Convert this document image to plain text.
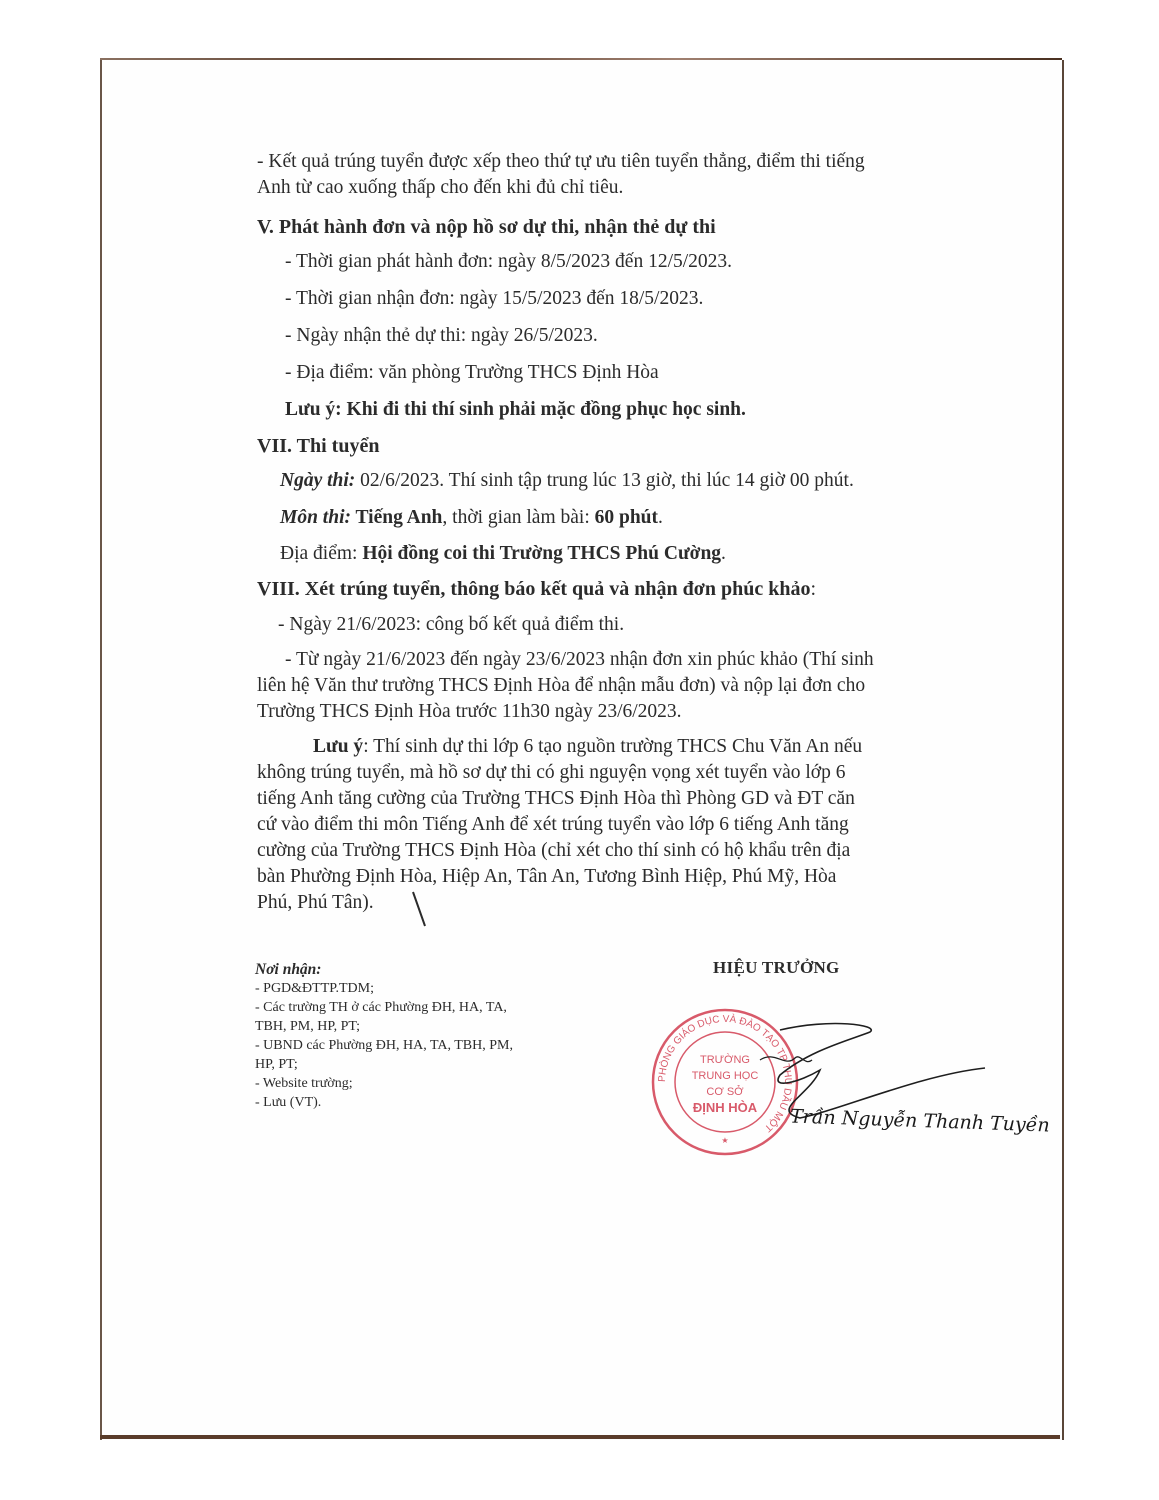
- Kết quả trúng tuyển được xếp theo thứ tự ưu tiên tuyển thẳng, điểm thi tiếng
Anh từ cao xuống thấp cho đến khi đủ chỉ tiêu.
V. Phát hành đơn và nộp hồ sơ dự thi, nhận thẻ dự thi
- Thời gian phát hành đơn: ngày 8/5/2023 đến 12/5/2023.
- Thời gian nhận đơn: ngày 15/5/2023 đến 18/5/2023.
- Ngày nhận thẻ dự thi: ngày 26/5/2023.
- Địa điểm: văn phòng Trường THCS Định Hòa
Lưu ý: Khi đi thi thí sinh phải mặc đồng phục học sinh.
VII. Thi tuyển
Ngày thi: 02/6/2023. Thí sinh tập trung lúc 13 giờ, thi lúc 14 giờ 00 phút.
Môn thi: Tiếng Anh, thời gian làm bài: 60 phút.
Địa điểm: Hội đồng coi thi Trường THCS Phú Cường.
VIII. Xét trúng tuyển, thông báo kết quả và nhận đơn phúc khảo:
- Ngày 21/6/2023: công bố kết quả điểm thi.
- Từ ngày 21/6/2023 đến ngày 23/6/2023 nhận đơn xin phúc khảo (Thí sinh
liên hệ Văn thư trường THCS Định Hòa để nhận mẫu đơn) và nộp lại đơn cho
Trường THCS Định Hòa trước 11h30 ngày 23/6/2023.
Lưu ý: Thí sinh dự thi lớp 6 tạo nguồn trường THCS Chu Văn An nếu
không trúng tuyển, mà hồ sơ dự thi có ghi nguyện vọng xét tuyển vào lớp 6
tiếng Anh tăng cường của Trường THCS Định Hòa thì Phòng GD và ĐT căn
cứ vào điểm thi môn Tiếng Anh để xét trúng tuyển vào lớp 6 tiếng Anh tăng
cường của Trường THCS Định Hòa (chỉ xét cho thí sinh có hộ khẩu trên địa
bàn Phường Định Hòa, Hiệp An, Tân An, Tương Bình Hiệp, Phú Mỹ, Hòa
Phú, Phú Tân).
Nơi nhận:
- PGD&ĐTTP.TDM;
- Các trường TH ở các Phường ĐH, HA, TA,
TBH, PM, HP, PT;
- UBND các Phường ĐH, HA, TA, TBH, PM,
HP, PT;
- Website trường;
- Lưu (VT).
HIỆU TRƯỞNG
PHÒNG GIÁO DỤC VÀ ĐÀO TẠO TP THỦ DẦU MỘT
TRƯỜNG
TRUNG HỌC
CƠ SỞ
ĐỊNH HÒA
★
Trần Nguyễn Thanh Tuyền
